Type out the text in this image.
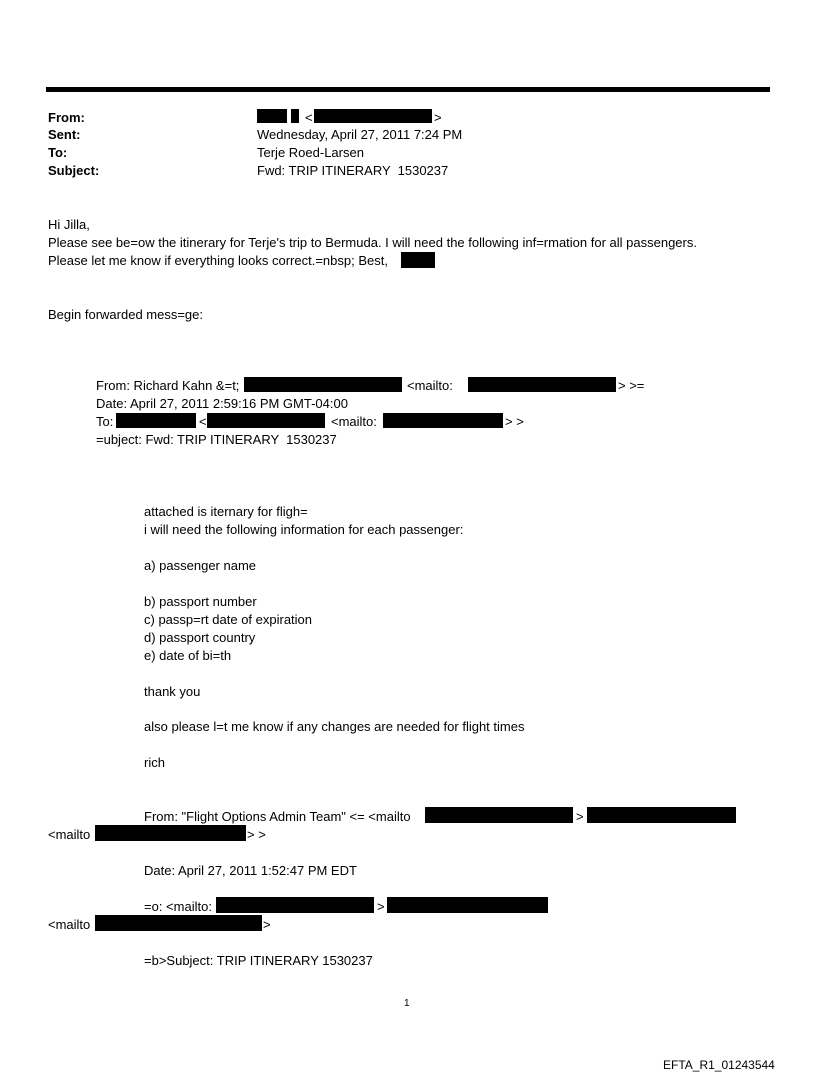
From:	<	>
Sent:	Wednesday, April 27, 2011 7:24 PM
To:	Terje Roed-Larsen
Subject:	Fwd: TRIP ITINERARY  1530237
Hi Jilla,
Please see be=ow the itinerary for Terje's trip to Bermuda. I will need the following inf=rmation for all passengers.
Please let me know if everything looks correct.=nbsp; Best,
Begin forwarded mess=ge:
From: Richard Kahn &=t;	<mailto:	> >=
Date: April 27, 2011 2:59:16 PM GMT-04:00
To:	<	<mailto:	> >
=ubject: Fwd: TRIP ITINERARY  1530237
attached is iternary for fligh=
i will need the following information for each passenger:
a) passenger name
b) passport number
c) passp=rt date of expiration
d) passport country
e) date of bi=th
thank you
also please l=t me know if any changes are needed for flight times
rich
From: "Flight Options Admin Team" <= <mailto	>
<mailto	> >
Date: April 27, 2011 1:52:47 PM EDT
=o: <mailto:	>
<mailto	>
=b>Subject: TRIP ITINERARY 1530237
1
EFTA_R1_01243544
